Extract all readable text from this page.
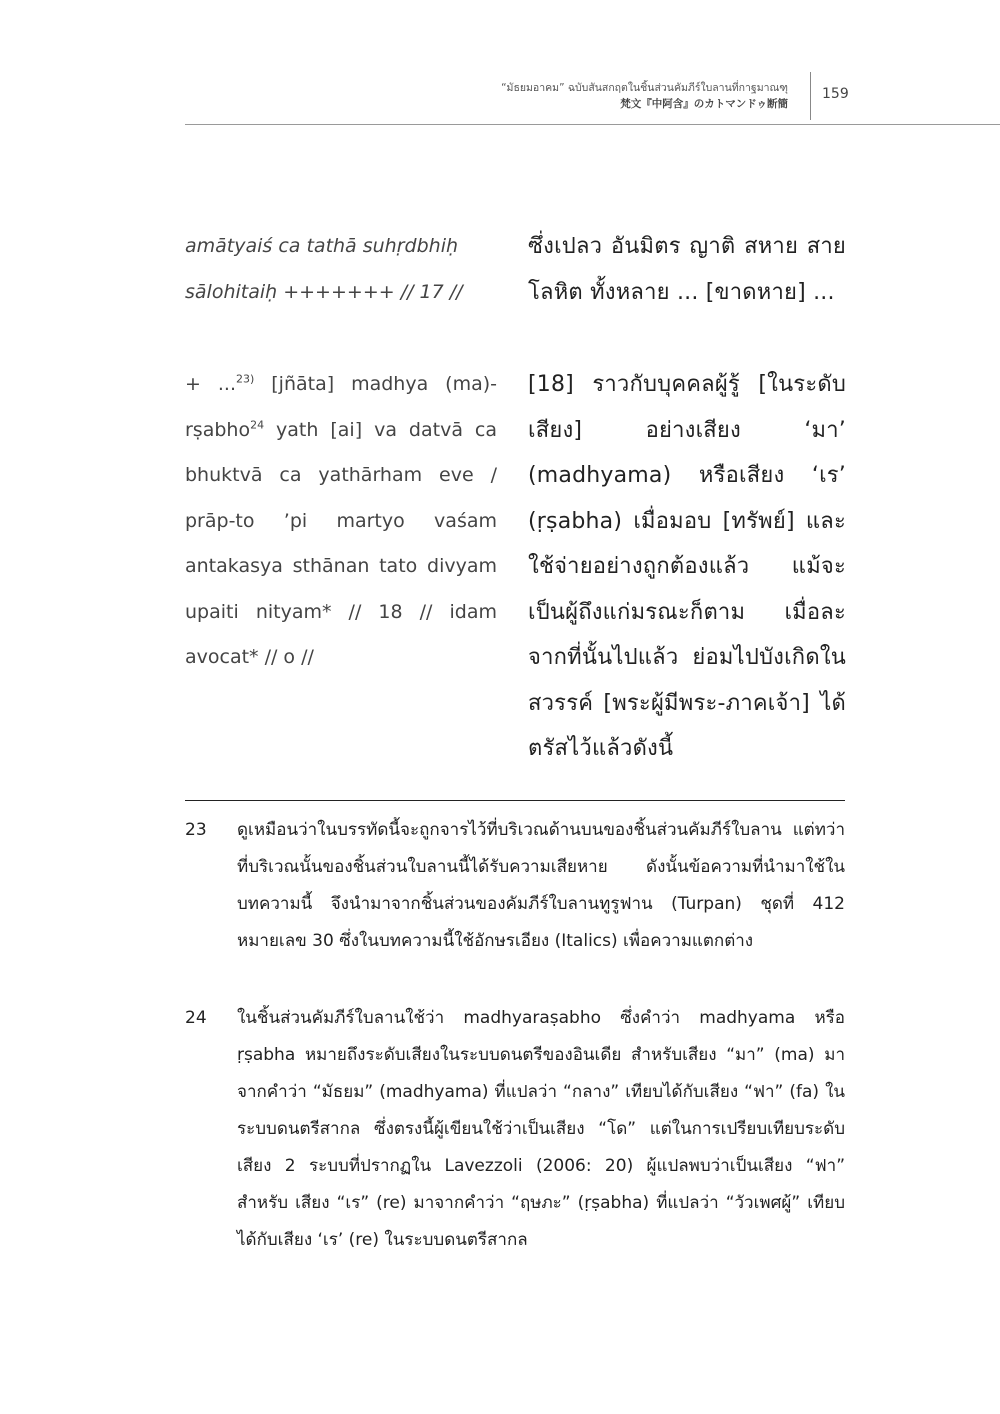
“มัธยมอาคม” ฉบับสันสกฤตในชิ้นส่วนคัมภีร์ใบลานที่กาฐมาณฑุ
梵文『中阿含』のカトマンドゥ断簡
159
amātyaiś ca tathā suhṛdbhiḥ
sālohitaiḥ +++++++ // 17 //
ซึ่งเปลว อันมิตร ญาติ สหาย สายโลหิต ทั้งหลาย ... [ขาดหาย] ...
+ ...$^{23)}$ [jñāta] madhya (ma)-rṣabho$^{24}$ yath [ai] va datvā ca bhuktvā ca yathārham eve / prāp-to ’pi martyo vaśam antakasya sthānan tato divyam upaiti nityam* // 18 // idam avocat* // o //
[18] ราวกับบุคคลผู้รู้ [ในระดับเสียง] อย่างเสียง ‘มา’ (madhyama) หรือเสียง ‘เร’ (ṛṣabha) เมื่อมอบ [ทรัพย์] และใช้จ่ายอย่างถูกต้องแล้ว แม้จะเป็นผู้ถึงแก่มรณะก็ตาม เมื่อละจากที่นั้นไปแล้ว ย่อมไปบังเกิดในสวรรค์ [พระผู้มีพระ-ภาคเจ้า] ได้ตรัสไว้แล้วดังนี้
23	ดูเหมือนว่าในบรรทัดนี้จะถูกจารไว้ที่บริเวณด้านบนของชิ้นส่วนคัมภีร์ใบลาน แต่ทว่าที่บริเวณนั้นของชิ้นส่วนใบลานนี้ได้รับความเสียหาย ดังนั้นข้อความที่นำมาใช้ในบทความนี้ จึงนำมาจากชิ้นส่วนของคัมภีร์ใบลานทูรูฟาน (Turpan) ชุดที่ 412 หมายเลข 30 ซึ่งในบทความนี้ใช้อักษรเอียง (Italics) เพื่อความแตกต่าง
24	ในชิ้นส่วนคัมภีร์ใบลานใช้ว่า madhyaraṣabho ซึ่งคำว่า madhyama หรือ ṛṣabha หมายถึงระดับเสียงในระบบดนตรีของอินเดีย สำหรับเสียง “มา” (ma) มาจากคำว่า “มัธยม” (madhyama) ที่แปลว่า “กลาง” เทียบได้กับเสียง “ฟา” (fa) ในระบบดนตรีสากล ซึ่งตรงนี้ผู้เขียนใช้ว่าเป็นเสียง “โด” แต่ในการเปรียบเทียบระดับเสียง 2 ระบบที่ปรากฏใน Lavezzoli (2006: 20) ผู้แปลพบว่าเป็นเสียง “ฟา” สำหรับ เสียง “เร” (re) มาจากคำว่า “ฤษภะ” (ṛṣabha) ที่แปลว่า “วัวเพศผู้” เทียบได้กับเสียง ‘เร’ (re) ในระบบดนตรีสากล
